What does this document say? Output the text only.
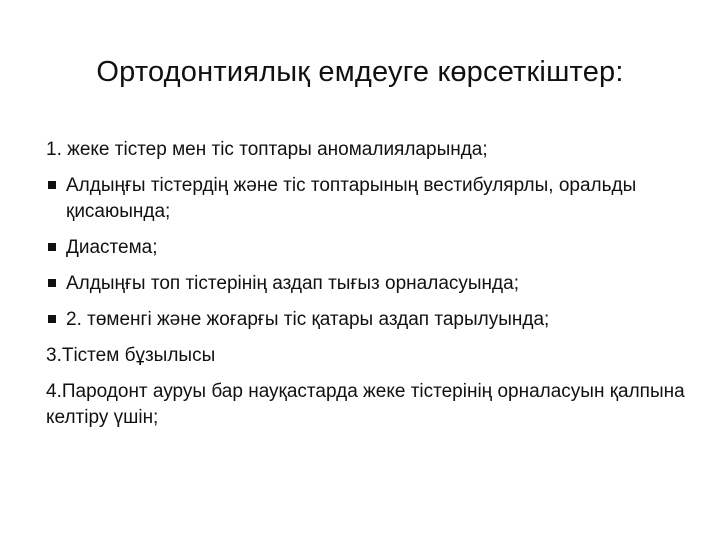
Ортодонтиялық емдеуге көрсеткіштер:
1. жеке тістер мен тіс топтары аномалияларында;
Алдыңғы тістердің және тіс топтарының вестибулярлы, оральды қисаюында;
Диастема;
Алдыңғы топ тістерінің аздап тығыз орналасуында;
2. төменгі және жоғарғы тіс қатары аздап тарылуында;
3.Тістем бұзылысы
4.Пародонт ауруы бар науқастарда жеке тістерінің орналасуын қалпына келтіру үшін;
